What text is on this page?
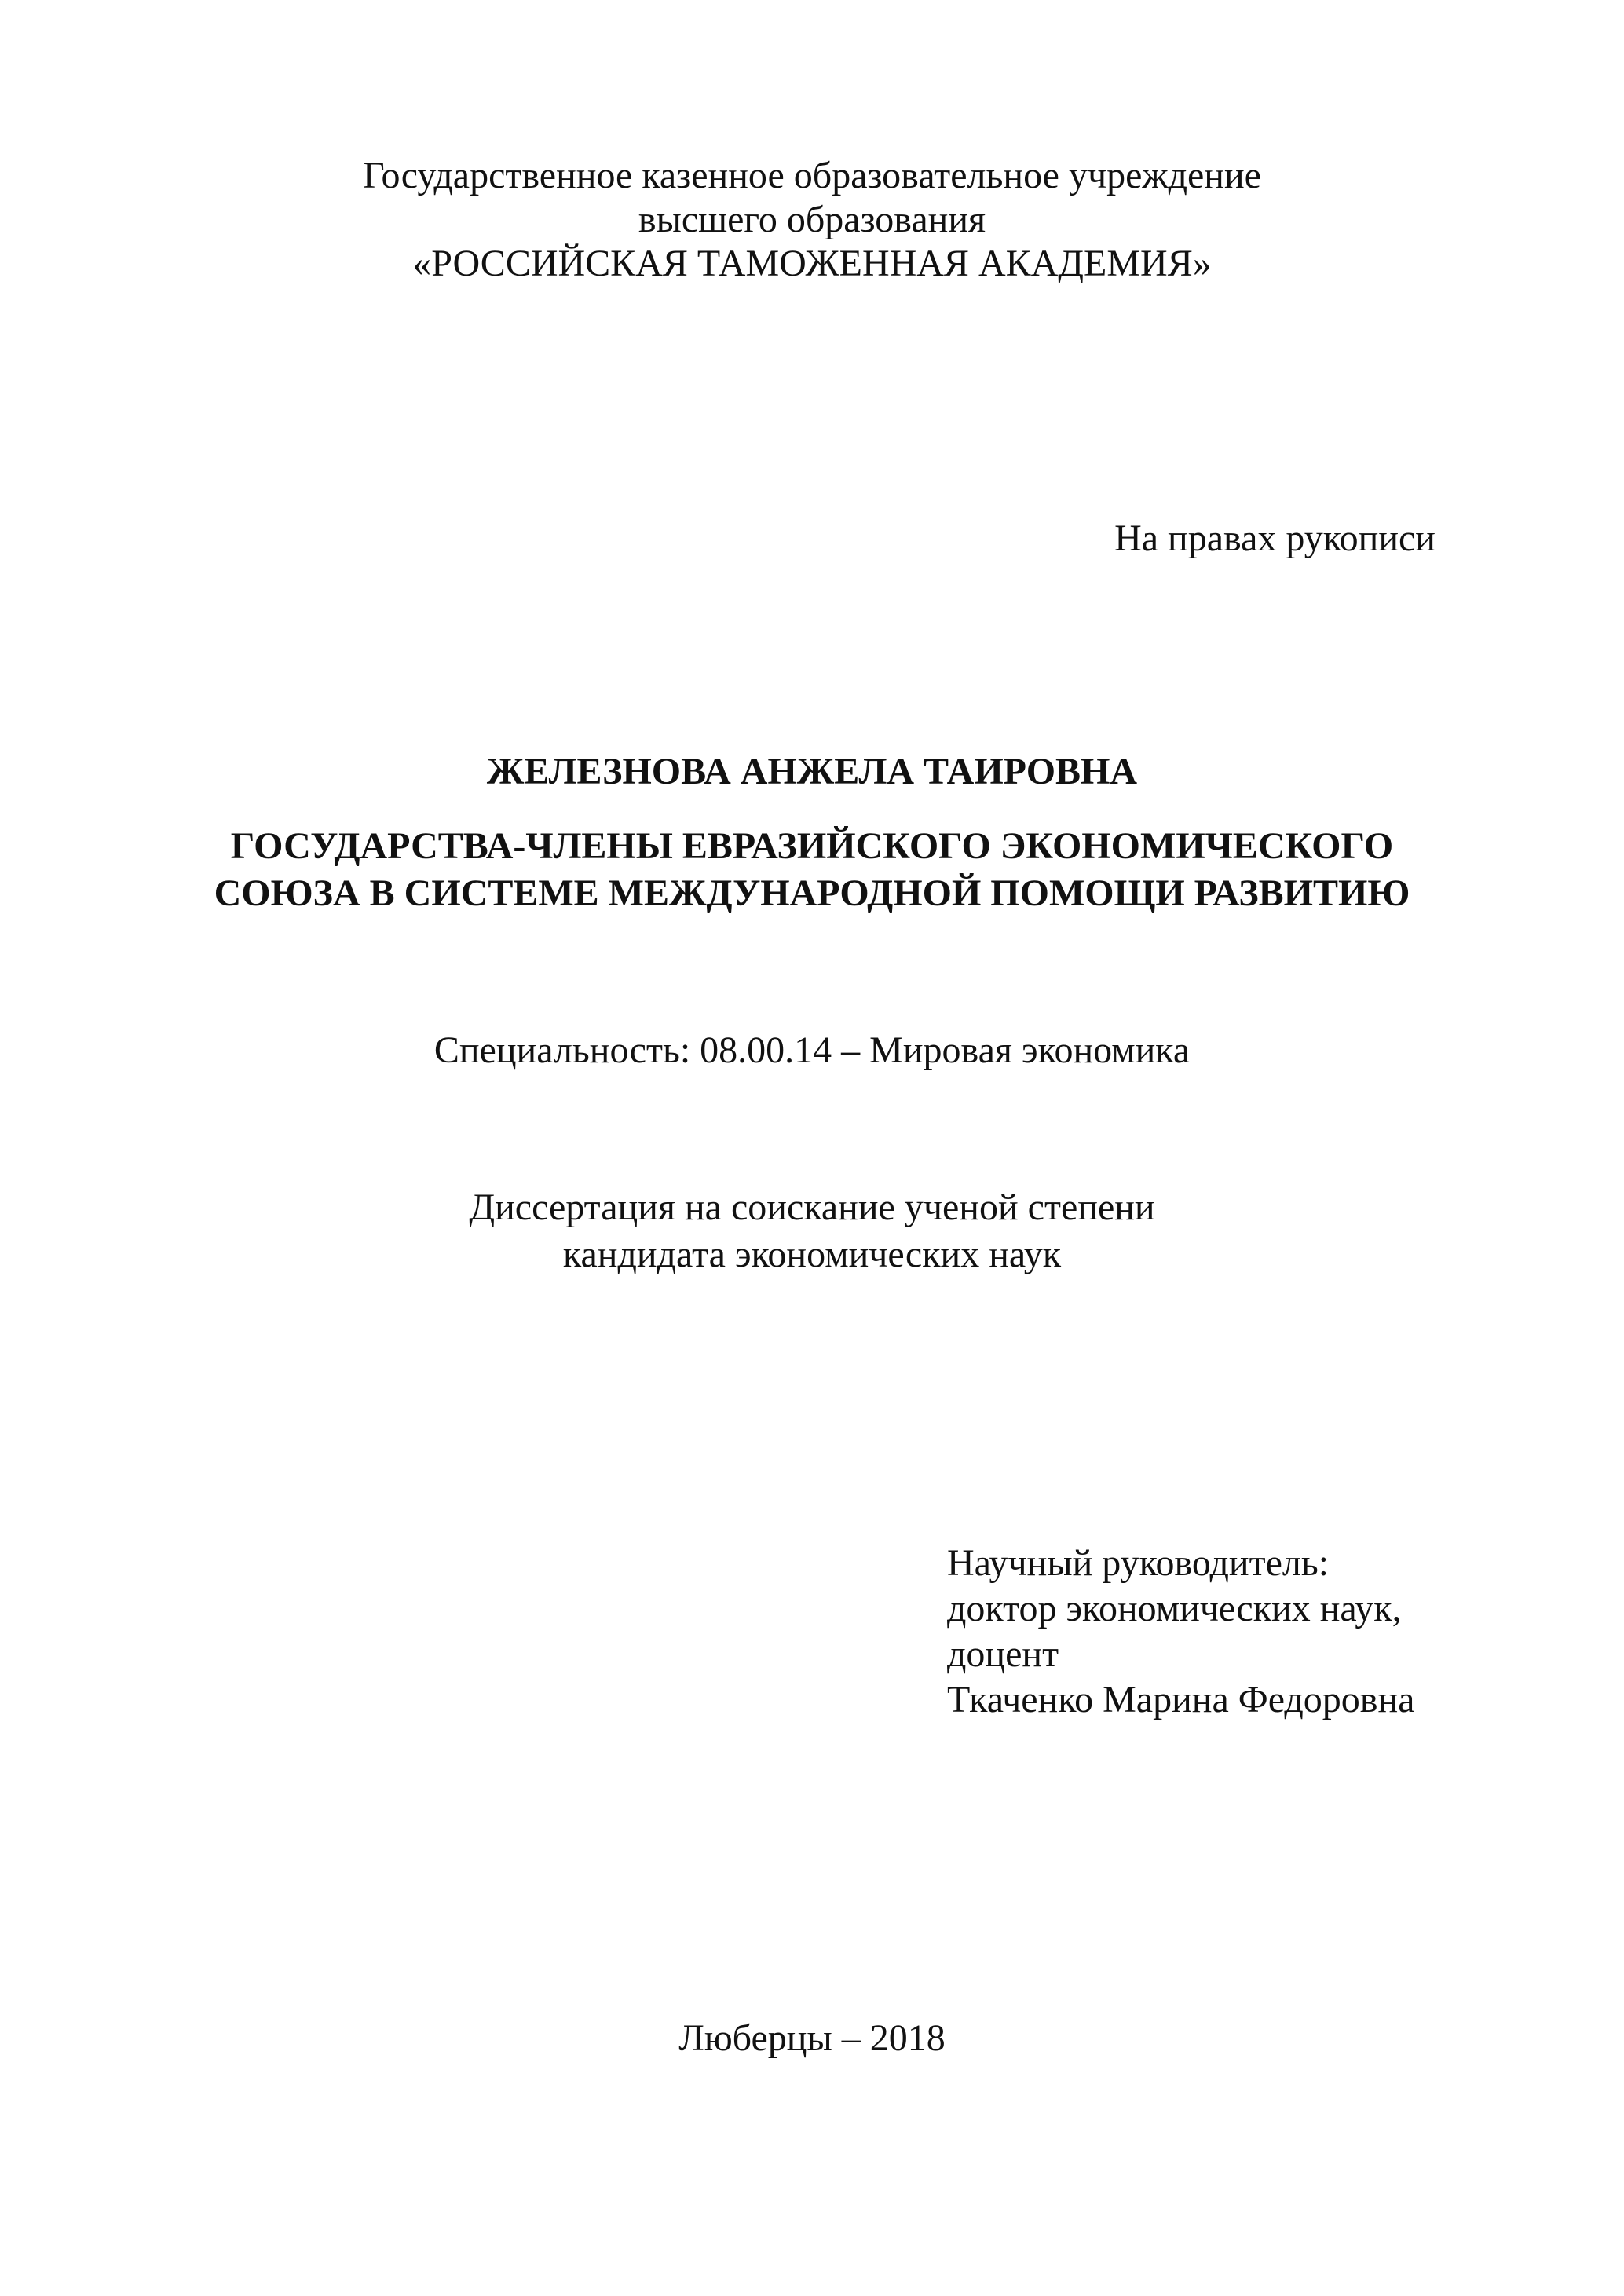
Государственное казенное образовательное учреждение
высшего образования
«РОССИЙСКАЯ ТАМОЖЕННАЯ АКАДЕМИЯ»
На правах рукописи
ЖЕЛЕЗНОВА АНЖЕЛА ТАИРОВНА
ГОСУДАРСТВА-ЧЛЕНЫ ЕВРАЗИЙСКОГО ЭКОНОМИЧЕСКОГО
СОЮЗА В СИСТЕМЕ МЕЖДУНАРОДНОЙ ПОМОЩИ РАЗВИТИЮ
Специальность: 08.00.14 – Мировая экономика
Диссертация на соискание ученой степени
кандидата экономических наук
Научный руководитель:
доктор экономических наук,
доцент
Ткаченко Марина Федоровна
Люберцы – 2018
